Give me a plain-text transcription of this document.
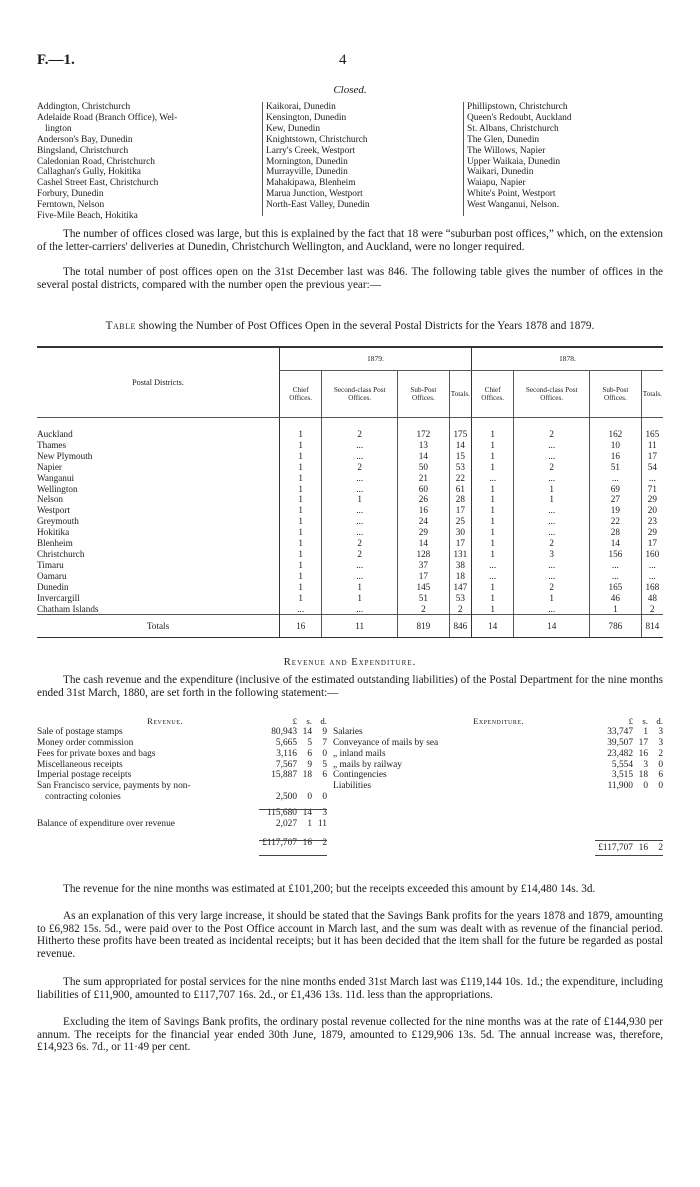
F.—1.	4
Closed.
Addington, Christchurch
Adelaide Road (Branch Office), Wel-
lington
Anderson's Bay, Dunedin
Bingsland, Christchurch
Caledonian Road, Christchurch
Callaghan's Gully, Hokitika
Cashel Street East, Christchurch
Forbury, Dunedin
Ferntown, Nelson
Five-Mile Beach, Hokitika
Kaikorai, Dunedin
Kensington, Dunedin
Kew, Dunedin
Knightstown, Christchurch
Larry's Creek, Westport
Mornington, Dunedin
Murrayville, Dunedin
Mahakipawa, Blenheim
Marua Junction, Westport
North-East Valley, Dunedin
Phillipstown, Christchurch
Queen's Redoubt, Auckland
St. Albans, Christchurch
The Glen, Dunedin
The Willows, Napier
Upper Waikaia, Dunedin
Waikari, Dunedin
Waiapu, Napier
White's Point, Westport
West Wanganui, Nelson.
The number of offices closed was large, but this is explained by the fact that 18 were “suburban post offices,” which, on the extension of the letter-carriers' deliveries at Dunedin, Christchurch Wellington, and Auckland, were no longer required.
The total number of post offices open on the 31st December last was 846. The following table gives the number of offices in the several postal districts, compared with the number open the previous year:—
Table showing the Number of Post Offices Open in the several Postal Districts for the Years 1878 and 1879.
Postal Districts.	1879.				1878.			
	Chief Offices.	Second-class Post Offices.	Sub-Post Offices.	Totals.	Chief Offices.	Second-class Post Offices.	Sub-Post Offices.	Totals.

Auckland	1	2	172	175	1	2	162	165
Thames	1	...	13	14	1	...	10	11
New Plymouth	1	...	14	15	1	...	16	17
Napier	1	2	50	53	1	2	51	54
Wanganui	1	...	21	22	...	...	...	...
Wellington	1	...	60	61	1	1	69	71
Nelson	1	1	26	28	1	1	27	29
Westport	1	...	16	17	1	...	19	20
Greymouth	1	...	24	25	1	...	22	23
Hokitika	1	...	29	30	1	...	28	29
Blenheim	1	2	14	17	1	2	14	17
Christchurch	1	2	128	131	1	3	156	160
Timaru	1	...	37	38	...	...	...	...
Oamaru	1	...	17	18	...	...	...	...
Dunedin	1	1	145	147	1	2	165	168
Invercargill	1	1	51	53	1	1	46	48
Chatham Islands	...	...	2	2	1	...	1	2
Totals	16	11	819	846	14	14	786	814
Revenue and Expenditure.
The cash revenue and the expenditure (inclusive of the estimated outstanding liabilities) of the Postal Department for the nine months ended 31st March, 1880, are set forth in the following statement:—
Revenue.	£	s. d.
Sale of postage stamps	80,943 14	9
Money order commission	5,665	5	7
Fees for private boxes and bags	3,116	6	0
Miscellaneous receipts	7,567	9	5
Imperial postage receipts	15,887 18	6
San Francisco service, payments by non-
contracting colonies	2,500	0	0
115,680 14	3
Balance of expenditure over revenue	2,027	1 11
£117,707 16	2
Expenditure.	£	s. d.
Salaries	33,747	1	3
Conveyance of mails by sea	39,507 17	3
„ inland mails	23,482 16	2
„ mails by railway	5,554	3	0
Contingencies	3,515 18	6
Liabilities	11,900	0	0
£117,707 16	2
The revenue for the nine months was estimated at £101,200; but the receipts exceeded this amount by £14,480 14s. 3d.
As an explanation of this very large increase, it should be stated that the Savings Bank profits for the years 1878 and 1879, amounting to £6,982 15s. 5d., were paid over to the Post Office account in March last, and the sum was dealt with as revenue of the financial period. Hitherto these profits have been treated as incidental receipts; but it has been decided that the item shall for the future be regarded as postal revenue.
The sum appropriated for postal services for the nine months ended 31st March last was £119,144 10s. 1d.; the expenditure, including liabilities of £11,900, amounted to £117,707 16s. 2d., or £1,436 13s. 11d. less than the appropriations.
Excluding the item of Savings Bank profits, the ordinary postal revenue collected for the nine months was at the rate of £144,930 per annum. The receipts for the financial year ended 30th June, 1879, amounted to £129,906 13s. 5d. The annual increase was, therefore, £14,923 6s. 7d., or 11·49 per cent.
